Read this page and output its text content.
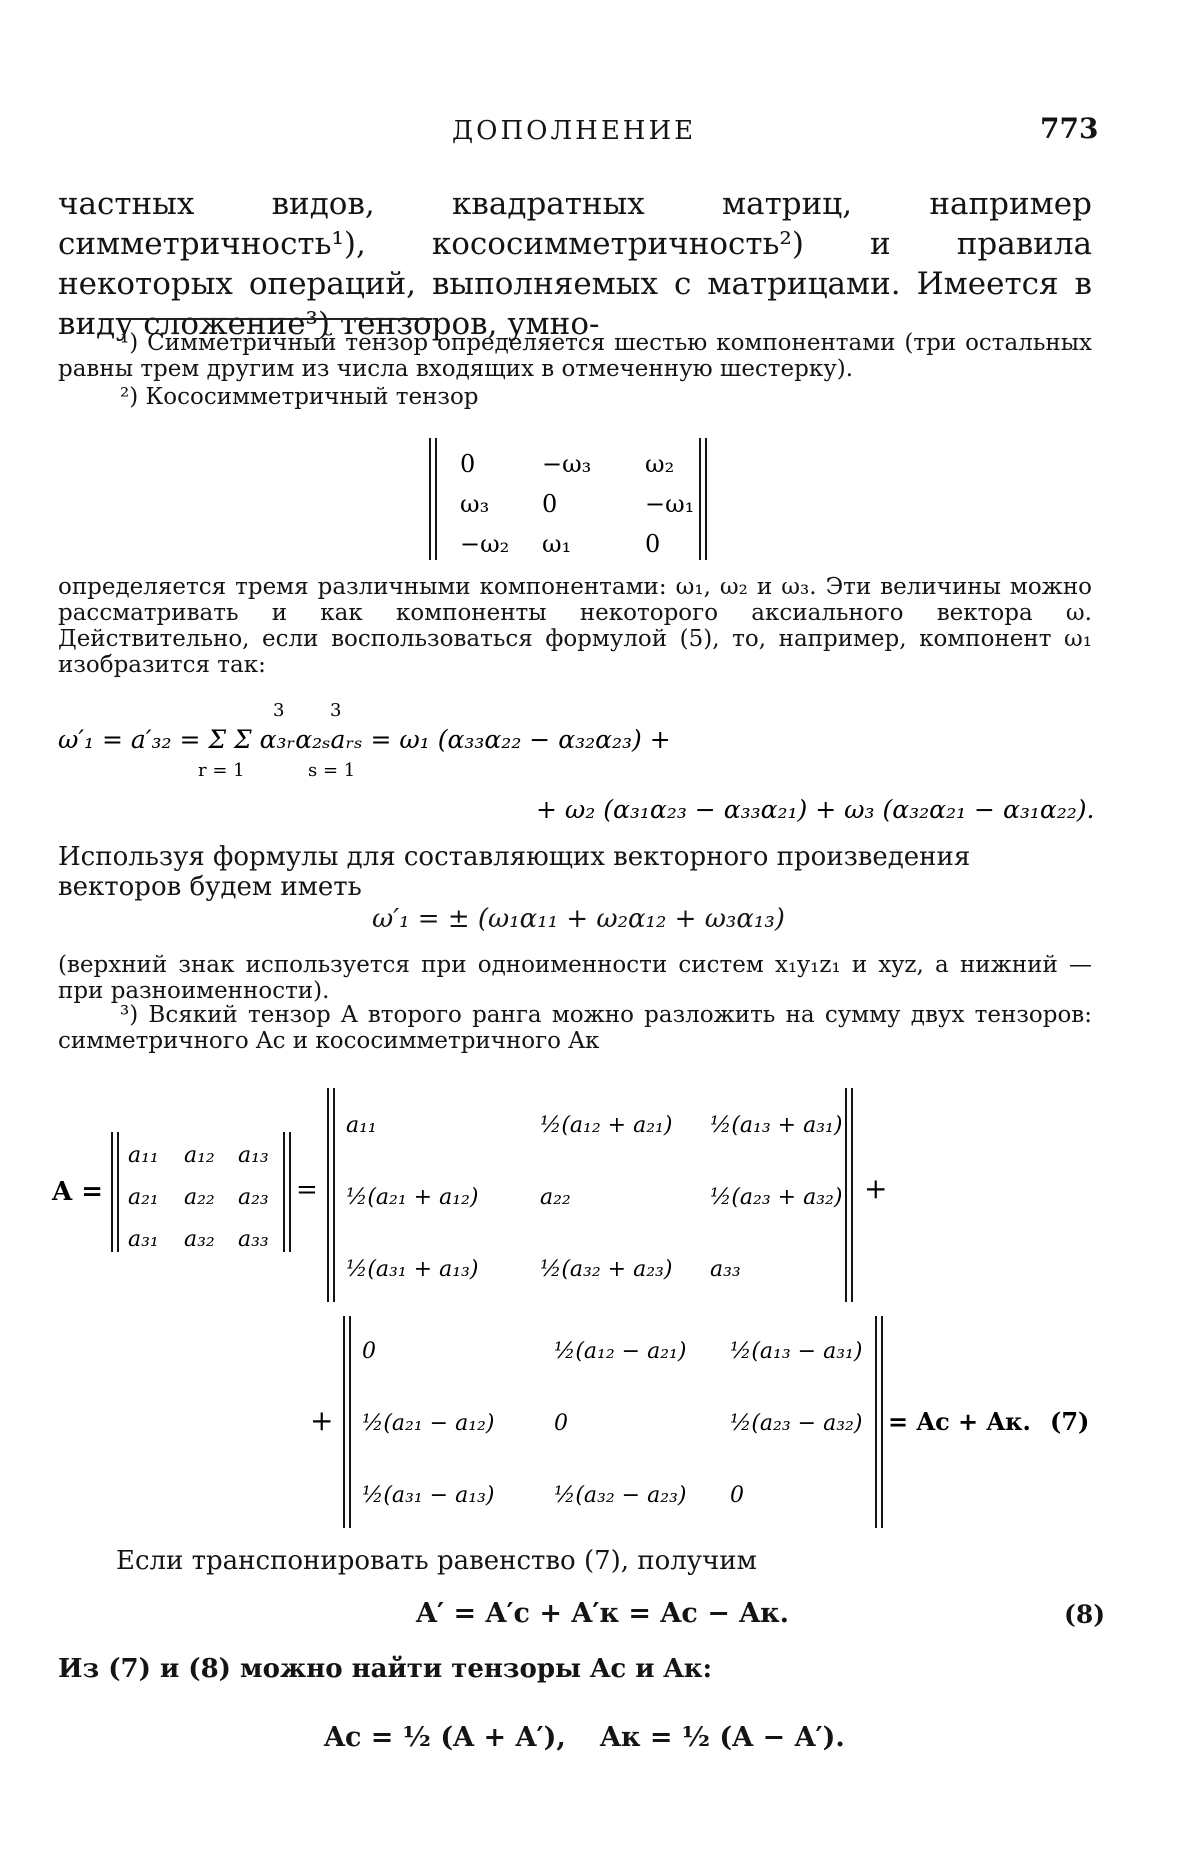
ДОПОЛНЕНИЕ	773
частных видов, квадратных матриц, например симметричность¹), кососимметричность²) и правила некоторых операций, выполняемых с матрицами. Имеется в виду сложение³) тензоров, умно-
¹) Симметричный тензор определяется шестью компонентами (три остальных равны трем другим из числа входящих в отмеченную шестерку).
²) Кососимметричный тензор
0	−ω₃ ω₂
ω₃ 0	−ω₁
−ω₂ ω₁	0
определяется тремя различными компонентами: ω₁, ω₂ и ω₃. Эти величины можно рассматривать и как компоненты некоторого аксиального вектора ω. Действительно, если воспользоваться формулой (5), то, например, компонент ω₁ изобразится так:
ω′₁ = a′₃₂ = Σ Σ α₃ᵣα₂ₛaᵣₛ = ω₁ (α₃₃α₂₂ − α₃₂α₂₃) +
3	3
r = 1	s = 1
+ ω₂ (α₃₁α₂₃ − α₃₃α₂₁) + ω₃ (α₃₂α₂₁ − α₃₁α₂₂).
Используя формулы для составляющих векторного произведения векторов будем иметь
ω′₁ = ± (ω₁α₁₁ + ω₂α₁₂ + ω₃α₁₃)
(верхний знак используется при одноименности систем x₁y₁z₁ и xyz, а нижний — при разноименности).
³) Всякий тензор A второго ранга можно разложить на сумму двух тензоров: симметричного Aс и кососимметричного Aк
A =
a₁₁ a₁₂ a₁₃
a₂₁ a₂₂ a₂₃
a₃₁ a₃₂ a₃₃
=
a₁₁	½(a₁₂ + a₂₁) ½(a₁₃ + a₃₁)
½(a₂₁ + a₁₂)	a₂₂	½(a₂₃ + a₃₂)
½(a₃₁ + a₁₃)	½(a₃₂ + a₂₃) a₃₃
+
+
0	½(a₁₂ − a₂₁) ½(a₁₃ − a₃₁)
½(a₂₁ − a₁₂)	0	½(a₂₃ − a₃₂)
½(a₃₁ − a₁₃)	½(a₃₂ − a₂₃) 0
= Aс + Aк. (7)
Если транспонировать равенство (7), получим
A′ = A′с + A′к = Aс − Aк.	(8)
Из (7) и (8) можно найти тензоры Aс и Aк:
Aс = ½ (A + A′), Aк = ½ (A − A′).
